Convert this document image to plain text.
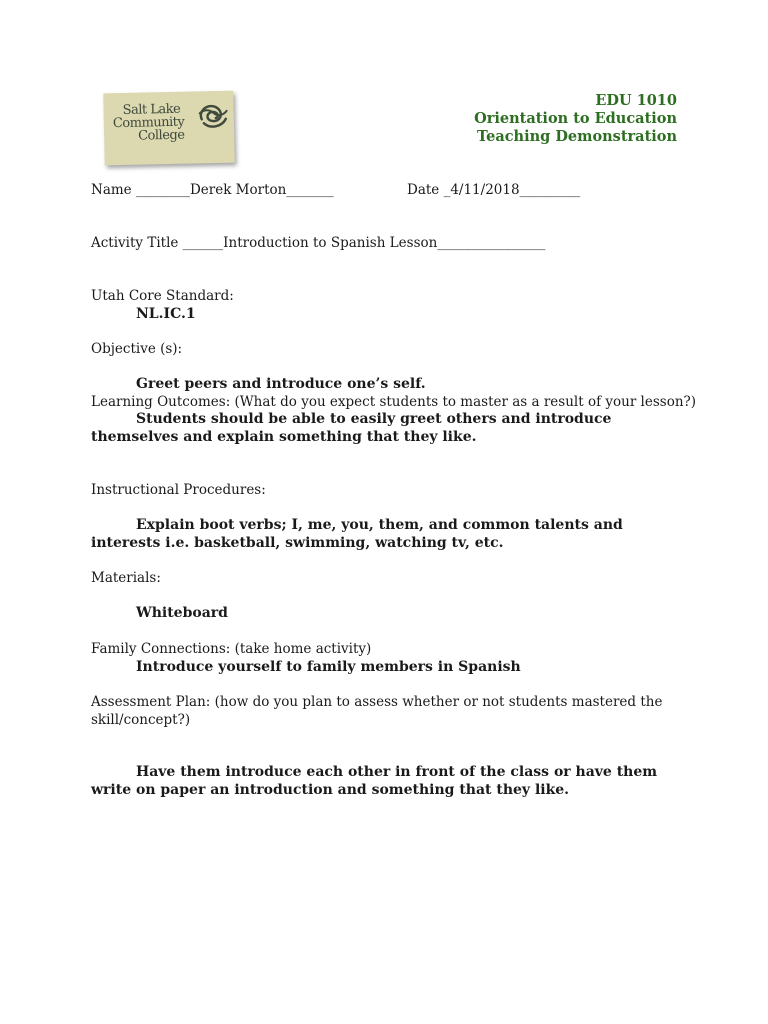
Salt Lake
Community
College
EDU 1010
Orientation to Education
Teaching Demonstration
Name ________Derek Morton_______	Date _4/11/2018_________
Activity Title ______Introduction to Spanish Lesson________________
Utah Core Standard:
NL.IC.1
Objective (s):
Greet peers and introduce one’s self.
Learning Outcomes: (What do you expect students to master as a result of your lesson?)
Students should be able to easily greet others and introduce
themselves and explain something that they like.
Instructional Procedures:
Explain boot verbs; I, me, you, them, and common talents and
interests i.e. basketball, swimming, watching tv, etc.
Materials:
Whiteboard
Family Connections: (take home activity)
Introduce yourself to family members in Spanish
Assessment Plan: (how do you plan to assess whether or not students mastered the
skill/concept?)
Have them introduce each other in front of the class or have them
write on paper an introduction and something that they like.
